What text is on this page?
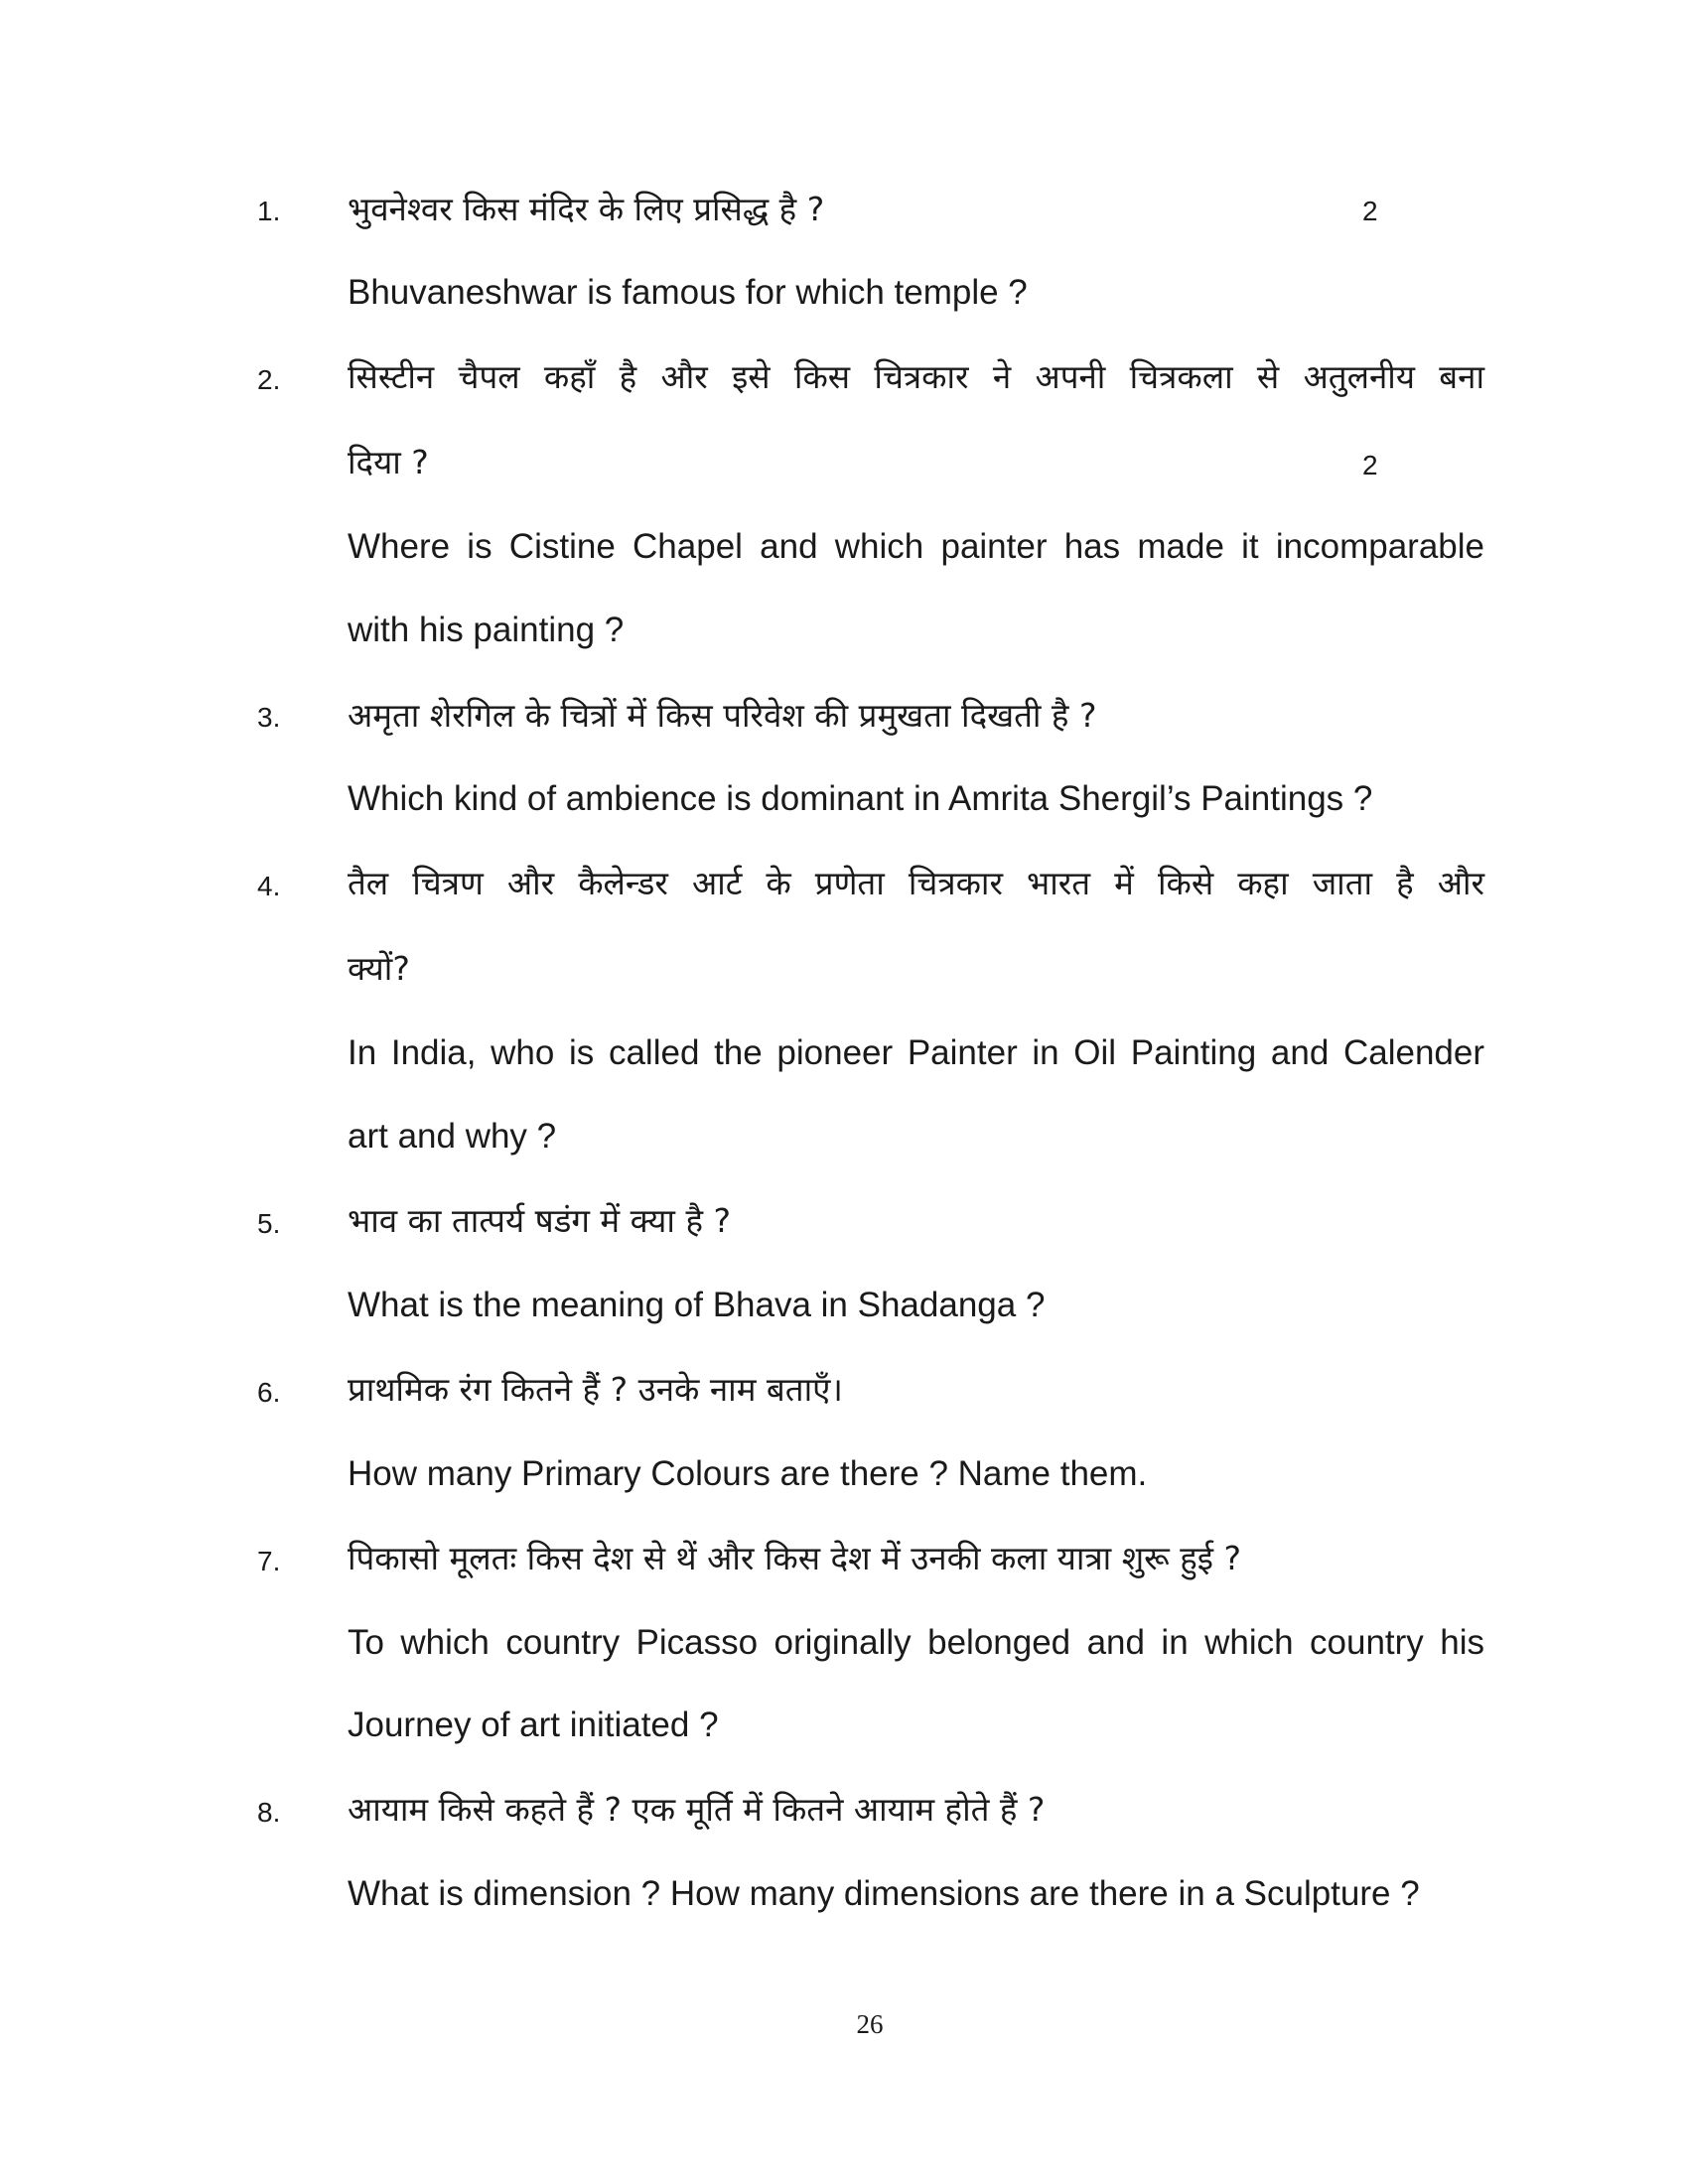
1. भुवनेश्वर किस मंदिर के लिए प्रसिद्ध है ?	2
Bhuvaneshwar is famous for which temple ?
2. सिस्टीन चैपल कहाँ है और इसे किस चित्रकार ने अपनी चित्रकला से अतुलनीय बना
दिया ?	2
Where is Cistine Chapel and which painter has made it incomparable
with his painting ?
3. अमृता शेरगिल के चित्रों में किस परिवेश की प्रमुखता दिखती है ?
Which kind of ambience is dominant in Amrita Shergil’s Paintings ?
4. तैल चित्रण और कैलेन्डर आर्ट के प्रणेता चित्रकार भारत में किसे कहा जाता है और
क्यों?
In India, who is called the pioneer Painter in Oil Painting and Calender
art and why ?
5. भाव का तात्पर्य षडंग में क्या है ?
What is the meaning of Bhava in Shadanga ?
6. प्राथमिक रंग कितने हैं ? उनके नाम बताएँ।
How many Primary Colours are there ? Name them.
7. पिकासो मूलतः किस देश से थें और किस देश में उनकी कला यात्रा शुरू हुई ?
To which country Picasso originally belonged and in which country his
Journey of art initiated ?
8. आयाम किसे कहते हैं ? एक मूर्ति में कितने आयाम होते हैं ?
What is dimension ? How many dimensions are there in a Sculpture ?
26
